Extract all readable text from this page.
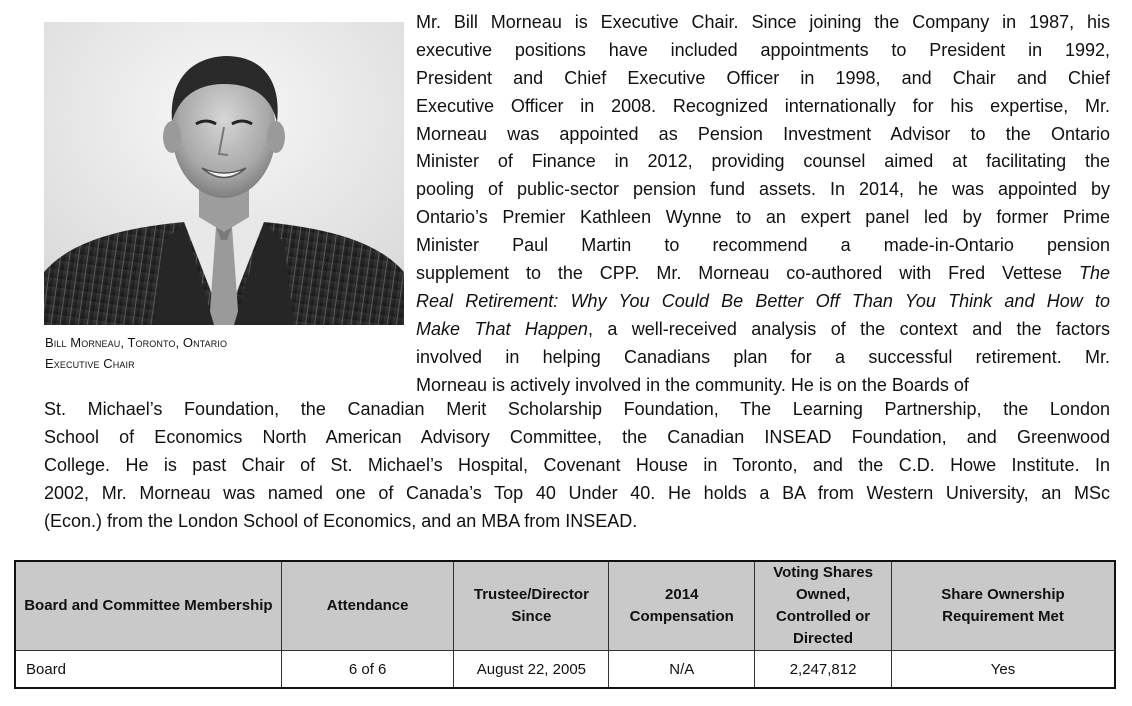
Bill Morneau, Toronto, Ontario
Executive Chair
Mr. Bill Morneau is Executive Chair. Since joining the Company in 1987, his
executive positions have included appointments to President in 1992,
President and Chief Executive Officer in 1998, and Chair and Chief
Executive Officer in 2008. Recognized internationally for his expertise, Mr.
Morneau was appointed as Pension Investment Advisor to the Ontario
Minister of Finance in 2012, providing counsel aimed at facilitating the
pooling of public-sector pension fund assets. In 2014, he was appointed by
Ontario’s Premier Kathleen Wynne to an expert panel led by former Prime
Minister Paul Martin to recommend a made-in-Ontario pension
supplement to the CPP. Mr. Morneau co-authored with Fred Vettese The
Real Retirement: Why You Could Be Better Off Than You Think and How to
Make That Happen, a well-received analysis of the context and the factors
involved in helping Canadians plan for a successful retirement. Mr.
Morneau is actively involved in the community. He is on the Boards of
St. Michael’s Foundation, the Canadian Merit Scholarship Foundation, The Learning Partnership, the London
School of Economics North American Advisory Committee, the Canadian INSEAD Foundation, and Greenwood
College. He is past Chair of St. Michael’s Hospital, Covenant House in Toronto, and the C.D. Howe Institute. In
2002, Mr. Morneau was named one of Canada’s Top 40 Under 40. He holds a BA from Western University, an MSc
(Econ.) from the London School of Economics, and an MBA from INSEAD.
Board and Committee Membership	Attendance	Trustee/Director Since	2014 Compensation	Voting Shares Owned, Controlled or Directed	Share Ownership Requirement Met
Board	6 of 6	August 22, 2005	N/A	2,247,812	Yes
